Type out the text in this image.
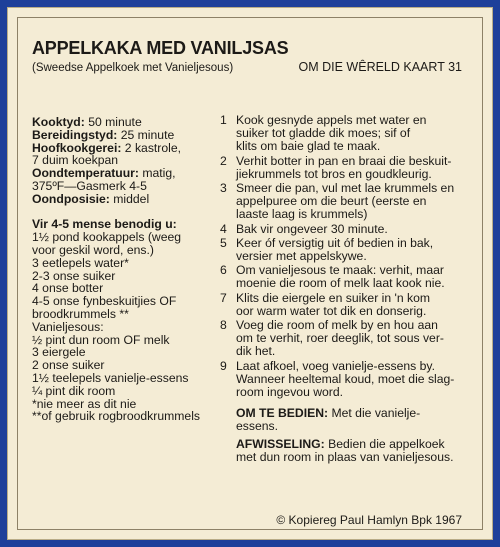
APPELKAKA MED VANILJSAS
(Sweedse Appelkoek met Vanieljesous)	OM DIE WÊRELD KAART 31
Kooktyd: 50 minute
Bereidingstyd: 25 minute
Hoofkookgerei: 2 kastrole,
7 duim koekpan
Oondtemperatuur: matig,
375ºF—Gasmerk 4-5
Oondposisie: middel
Vir 4-5 mense benodig u:
1½ pond kookappels (weeg
voor geskil word, ens.)
3 eetlepels water*
2-3 onse suiker
4 onse botter
4-5 onse fynbeskuitjies OF
broodkrummels **
Vanieljesous:
½ pint dun room OF melk
3 eiergele
2 onse suiker
1½ teelepels vanielje-essens
¼ pint dik room
*nie meer as dit nie
**of gebruik rogbroodkrummels
1 Kook gesnyde appels met water en
suiker tot gladde dik moes; sif of
klits om baie glad te maak.
2 Verhit botter in pan en braai die beskuit-
jiekrummels tot bros en goudkleurig.
3 Smeer die pan, vul met lae krummels en
appelpuree om die beurt (eerste en
laaste laag is krummels)
4 Bak vir ongeveer 30 minute.
5 Keer óf versigtig uit óf bedien in bak,
versier met appelskywe.
6 Om vanieljesous te maak: verhit, maar
moenie die room of melk laat kook nie.
7 Klits die eiergele en suiker in 'n kom
oor warm water tot dik en donserig.
8 Voeg die room of melk by en hou aan
om te verhit, roer deeglik, tot sous ver-
dik het.
9 Laat afkoel, voeg vanielje-essens by.
Wanneer heeltemal koud, moet die slag-
room ingevou word.
OM TE BEDIEN: Met die vanielje-
essens.
AFWISSELING: Bedien die appelkoek
met dun room in plaas van vanieljesous.
© Kopiereg Paul Hamlyn Bpk 1967
